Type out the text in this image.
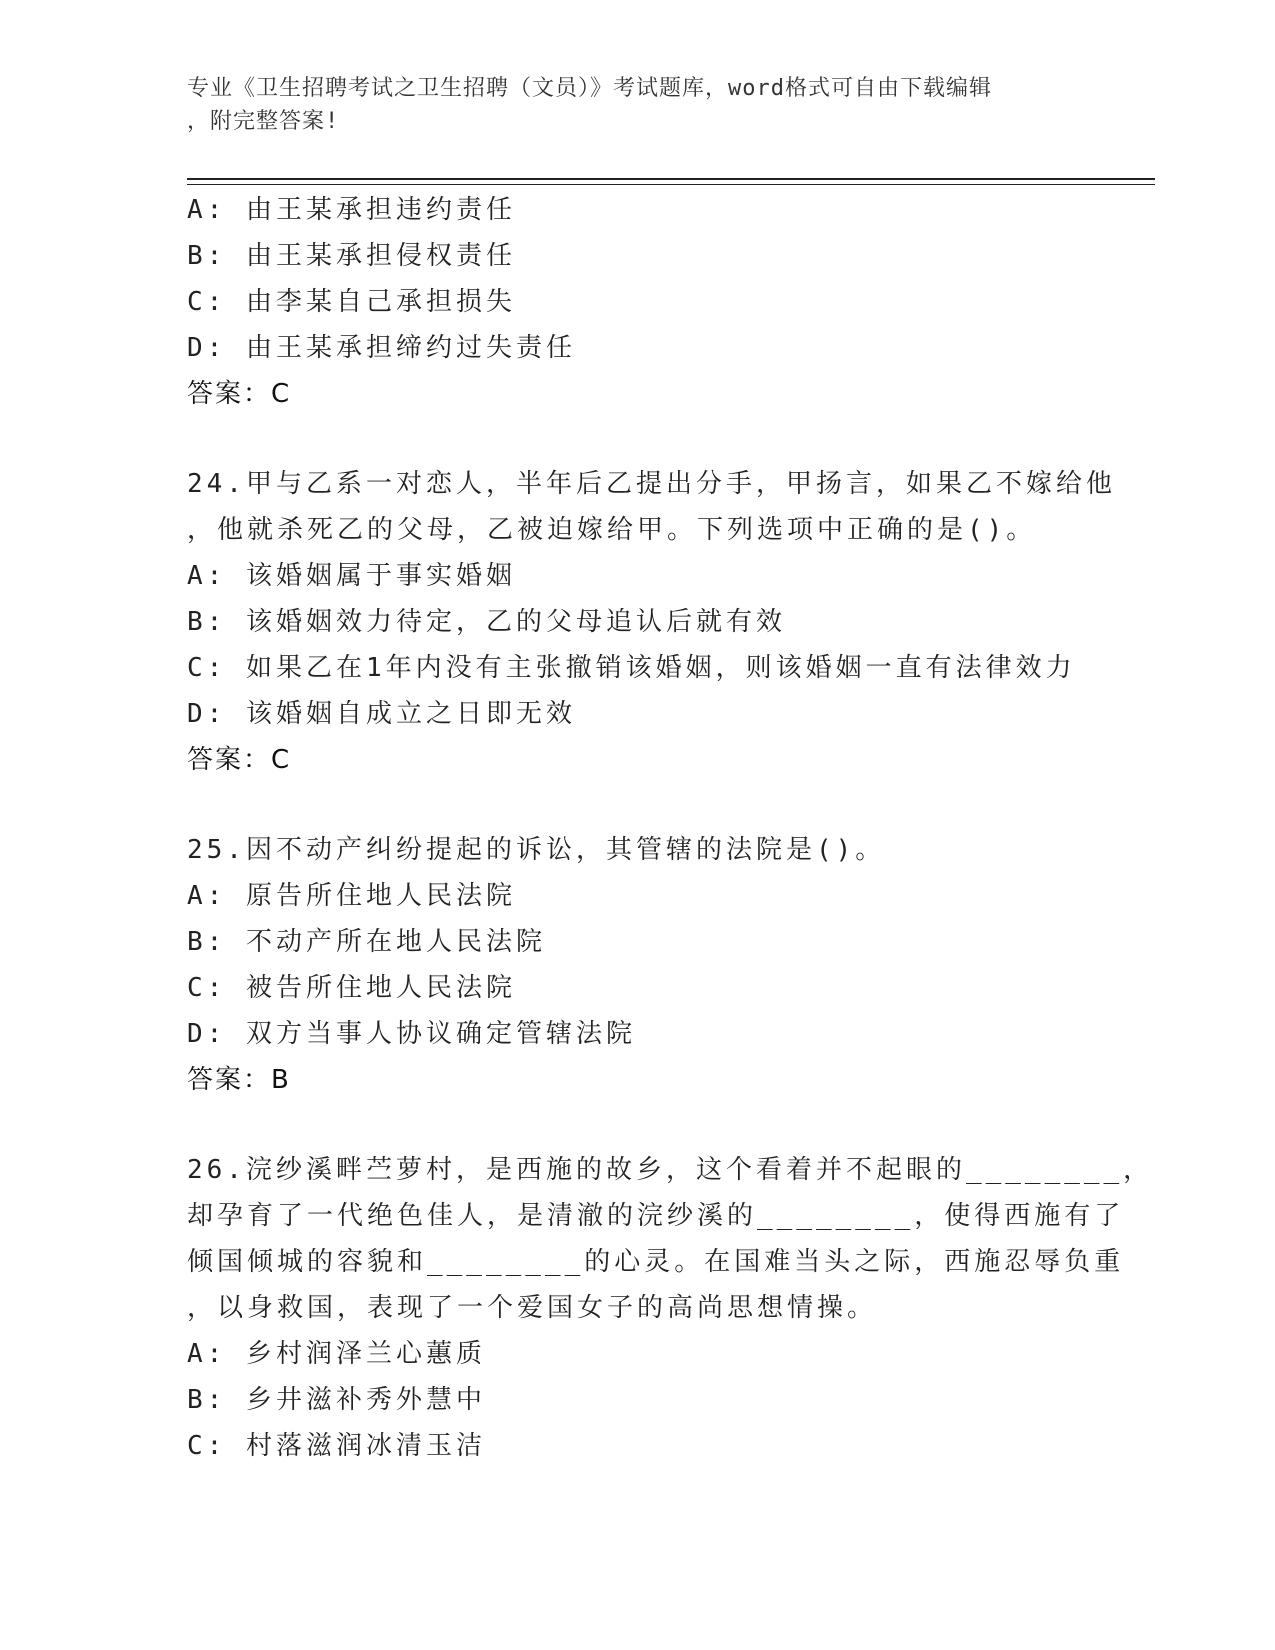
专业《卫生招聘考试之卫生招聘（文员）》考试题库，word格式可自由下载编辑
，附完整答案!
A: 由王某承担违约责任
B: 由王某承担侵权责任
C: 由李某自己承担损失
D: 由王某承担缔约过失责任
答案：C
24.甲与乙系一对恋人，半年后乙提出分手，甲扬言，如果乙不嫁给他
，他就杀死乙的父母，乙被迫嫁给甲。下列选项中正确的是()。
A: 该婚姻属于事实婚姻
B: 该婚姻效力待定，乙的父母追认后就有效
C: 如果乙在1年内没有主张撤销该婚姻，则该婚姻一直有法律效力
D: 该婚姻自成立之日即无效
答案：C
25.因不动产纠纷提起的诉讼，其管辖的法院是()。
A: 原告所住地人民法院
B: 不动产所在地人民法院
C: 被告所住地人民法院
D: 双方当事人协议确定管辖法院
答案：B
26.浣纱溪畔苎萝村，是西施的故乡，这个看着并不起眼的________，
却孕育了一代绝色佳人，是清澈的浣纱溪的________，使得西施有了
倾国倾城的容貌和________的心灵。在国难当头之际，西施忍辱负重
，以身救国，表现了一个爱国女子的高尚思想情操。
A: 乡村润泽兰心蕙质
B: 乡井滋补秀外慧中
C: 村落滋润冰清玉洁
